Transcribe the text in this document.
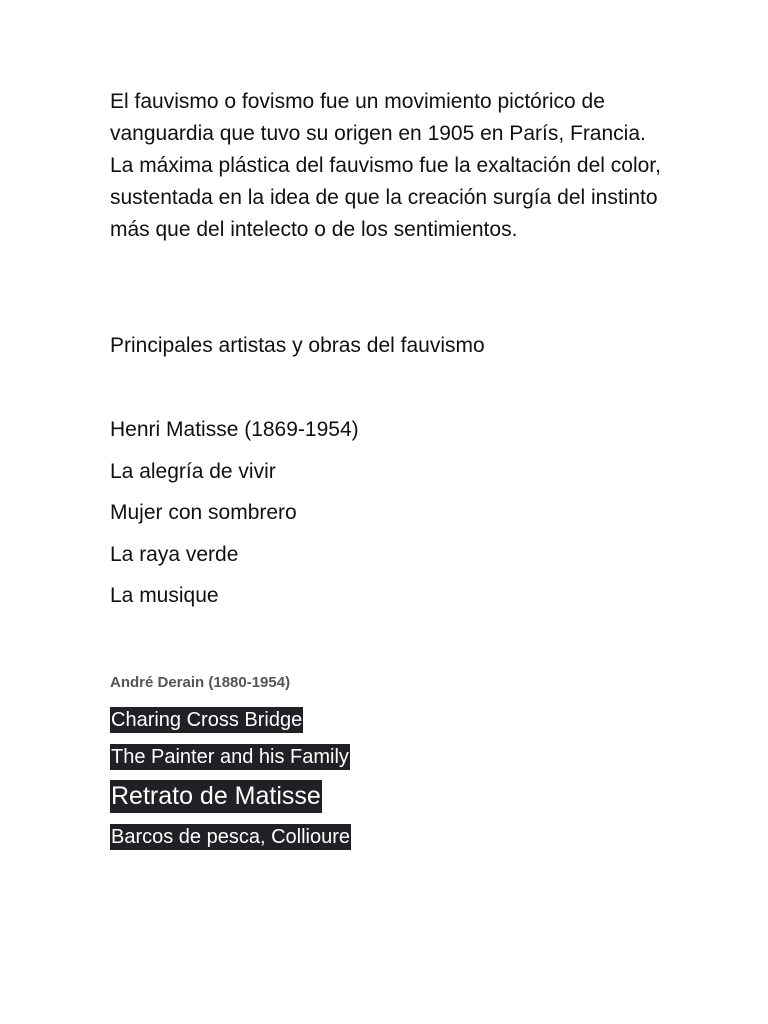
El fauvismo o fovismo fue un movimiento pictórico de vanguardia que tuvo su origen en 1905 en París, Francia. La máxima plástica del fauvismo fue la exaltación del color, sustentada en la idea de que la creación surgía del instinto más que del intelecto o de los sentimientos.

Principales artistas y obras del fauvismo
Henri Matisse (1869-1954)
La alegría de vivir
Mujer con sombrero
La raya verde
La musique

André Derain (1880-1954)

Charing Cross Bridge
The Painter and his Family
Retrato de Matisse
Barcos de pesca, Collioure
